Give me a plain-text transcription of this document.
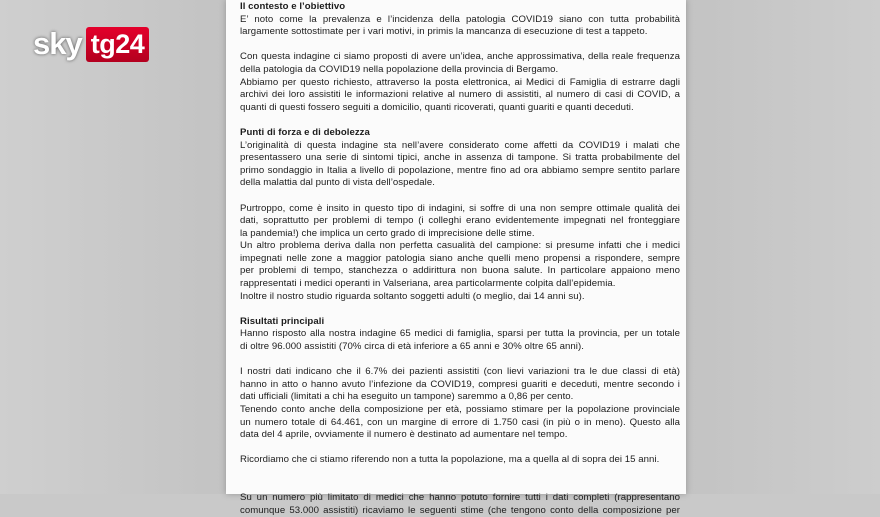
Il contesto e l’obiettivo
E’ noto come la prevalenza e l’incidenza della patologia COVID19 siano con tutta probabilità
largamente sottostimate per i vari motivi, in primis la mancanza di esecuzione di test a tappeto.
Con questa indagine ci siamo proposti di avere un’idea, anche approssimativa, della reale frequenza
della patologia da COVID19 nella popolazione della provincia di Bergamo.
Abbiamo per questo richiesto, attraverso la posta elettronica, ai Medici di Famiglia di estrarre dagli
archivi dei loro assistiti le informazioni relative al numero di assistiti, al numero di casi di COVID, a
quanti di questi fossero seguiti a domicilio, quanti ricoverati, quanti guariti e quanti deceduti.
Punti di forza e di debolezza
L’originalità di questa indagine sta nell’avere considerato come affetti da COVID19 i malati che
presentassero una serie di sintomi tipici, anche in assenza di tampone. Si tratta probabilmente del
primo sondaggio in Italia a livello di popolazione, mentre fino ad ora abbiamo sempre sentito parlare
della malattia dal punto di vista dell’ospedale.
Purtroppo, come è insito in questo tipo di indagini, si soffre di una non sempre ottimale qualità dei
dati, soprattutto per problemi di tempo (i colleghi erano evidentemente impegnati nel fronteggiare
la pandemia!) che implica un certo grado di imprecisione delle stime.
Un altro problema deriva dalla non perfetta casualità del campione: si presume infatti che i medici
impegnati nelle zone a maggior patologia siano anche quelli meno propensi a rispondere, sempre
per problemi di tempo, stanchezza o addirittura non buona salute. In particolare appaiono meno
rappresentati i medici operanti in Valseriana, area particolarmente colpita dall’epidemia.
Inoltre il nostro studio riguarda soltanto soggetti adulti (o meglio, dai 14 anni su).
Risultati principali
Hanno risposto alla nostra indagine 65 medici di famiglia, sparsi per tutta la provincia, per un totale
di oltre 96.000 assistiti (70% circa di età inferiore a 65 anni e 30% oltre 65 anni).
I nostri dati indicano che il 6.7% dei pazienti assistiti (con lievi variazioni tra le due classi di età)
hanno in atto o hanno avuto l’infezione da COVID19, compresi guariti e deceduti, mentre secondo i
dati ufficiali (limitati a chi ha eseguito un tampone) saremmo a 0,86 per cento.
Tenendo conto anche della composizione per età, possiamo stimare per la popolazione provinciale
un numero totale di 64.461, con un margine di errore di 1.750 casi (in più o in meno). Questo alla
data del 4 aprile, ovviamente il numero è destinato ad aumentare nel tempo.
Ricordiamo che ci stiamo riferendo non a tutta la popolazione, ma a quella al di sopra dei 15 anni.
Su un numero più limitato di medici che hanno potuto fornire tutti i dati completi (rappresentano
comunque 53.000 assistiti) ricaviamo le seguenti stime (che tengono conto della composizione per
sky tg24
